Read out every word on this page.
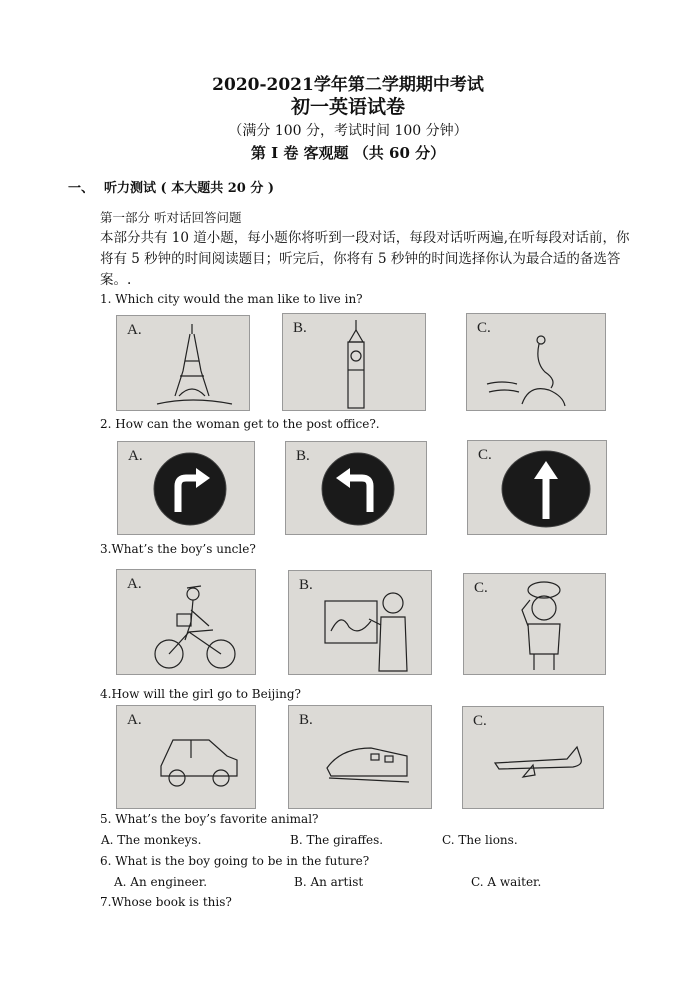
2020-2021学年第二学期期中考试
初一英语试卷
（满分 100 分，考试时间 100 分钟）
第 I 卷 客观题 （共 60 分）
一、 听力测试 ( 本大题共 20 分 )
第一部分 听对话回答问题
本部分共有 10 道小题，每小题你将听到一段对话，每段对话听两遍,在听每段对话前，你将有 5 秒钟的时间阅读题目；听完后，你将有 5 秒钟的时间选择你认为最合适的备选答案。.
1. Which city would the man like to live in?
A.	B.	C.
2. How can the woman get to the post office?.
A.	B.	C.
3.What’s the boy’s uncle?
A.	B.	C.
4.How will the girl go to Beijing?
A.	B.	C.
5. What’s the boy’s favorite animal?
A. The monkeys.	B. The giraffes.	C. The lions.
6. What is the boy going to be in the future?
A. An engineer.	B. An artist	C. A waiter.
7.Whose book is this?
